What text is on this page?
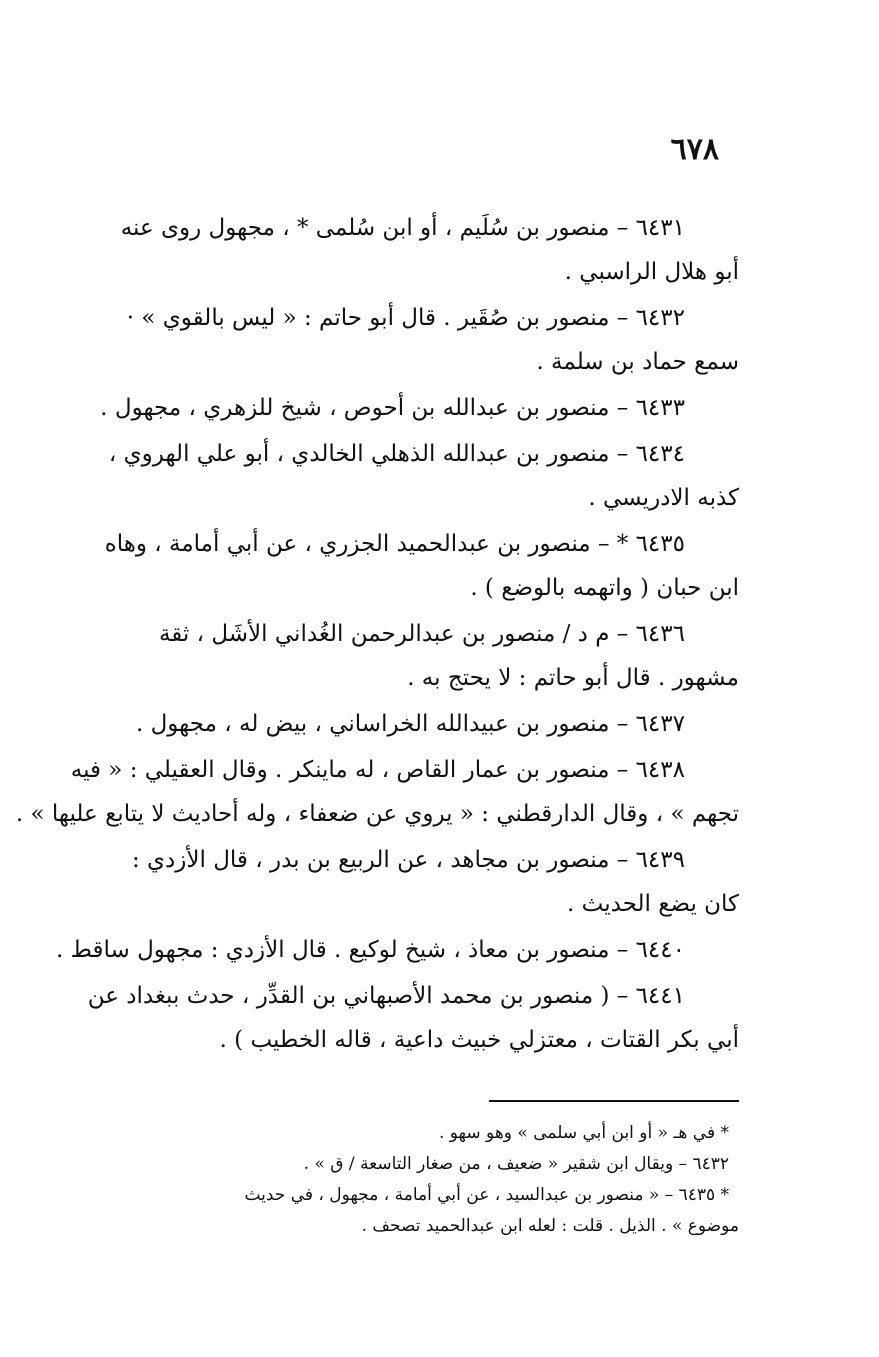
٦٧٨
٦٤٣١ – منصور بن سُلَيم ، أو ابن سُلمى * ، مجهول روى عنه
أبو هلال الراسبي .
٦٤٣٢ – منصور بن صُقَير . قال أبو حاتم : « ليس بالقوي » ·
سمع حماد بن سلمة .
٦٤٣٣ – منصور بن عبدالله بن أحوص ، شيخ للزهري ، مجهول .
٦٤٣٤ – منصور بن عبدالله الذهلي الخالدي ، أبو علي الهروي ،
كذبه الادريسي .
٦٤٣٥ * – منصور بن عبدالحميد الجزري ، عن أبي أمامة ، وهاه
ابن حبان ( واتهمه بالوضع ) .
٦٤٣٦ – م د / منصور بن عبدالرحمن الغُداني الأشَل ، ثقة
مشهور . قال أبو حاتم : لا يحتج به .
٦٤٣٧ – منصور بن عبيدالله الخراساني ، بيض له ، مجهول .
٦٤٣٨ – منصور بن عمار القاص ، له ماينكر . وقال العقيلي : « فيه
تجهم » ، وقال الدارقطني : « يروي عن ضعفاء ، وله أحاديث لا يتابع عليها » .
٦٤٣٩ – منصور بن مجاهد ، عن الربيع بن بدر ، قال الأزدي :
كان يضع الحديث .
٦٤٤٠ – منصور بن معاذ ، شيخ لوكيع . قال الأزدي : مجهول ساقط .
٦٤٤١ – ( منصور بن محمد الأصبهاني بن القدِّر ، حدث ببغداد عن
أبي بكر القتات ، معتزلي خبيث داعية ، قاله الخطيب ) .
* في هـ « أو ابن أبي سلمى » وهو سهو .
٦٤٣٢ – ويقال ابن شقير « ضعيف ، من صغار التاسعة / ق » .
* ٦٤٣٥ – « منصور بن عبدالسيد ، عن أبي أمامة ، مجهول ، في حديث
موضوع » . الذيل . قلت : لعله ابن عبدالحميد تصحف .
